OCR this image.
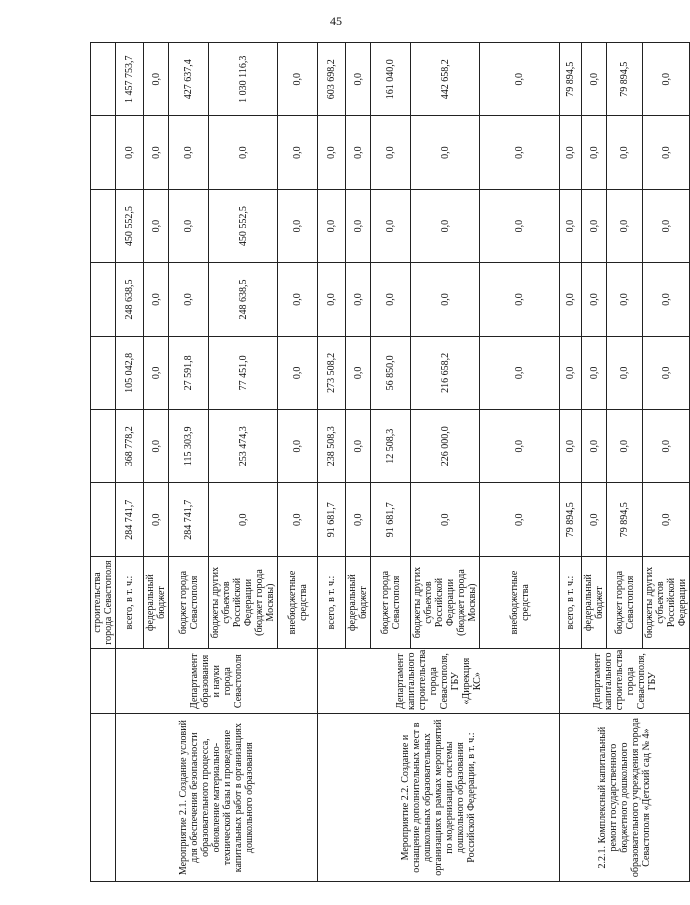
45
		строительства города Севастополя							
Мероприятие 2.1. Создание условий для обеспечения безопасности образовательного процесса, обновление материально-технической базы и проведение капитальных работ в организациях дошкольного образования	Департамент образования и науки города Севастополя	всего, в т. ч.:	284 741,7	368 778,2	105 042,8	248 638,5	450 552,5	0,0	1 457 753,7
		федеральный бюджет	0,0	0,0	0,0	0,0	0,0	0,0	0,0
		бюджет города Севастополя	284 741,7	115 303,9	27 591,8	0,0	0,0	0,0	427 637,4
		бюджеты других субъектов Российской Федерации (бюджет города Москвы)	0,0	253 474,3	77 451,0	248 638,5	450 552,5	0,0	1 030 116,3
		внебюджетные средства	0,0	0,0	0,0	0,0	0,0	0,0	0,0
Мероприятие 2.2. Создание и оснащение дополнительных мест в дошкольных образовательных организациях в рамках мероприятий по модернизации системы дошкольного образования Российской Федерации, в т. ч.:	Департамент капитального строительства города Севастополя, ГБУ «Дирекция КС»	всего, в т. ч.:	91 681,7	238 508,3	273 508,2	0,0	0,0	0,0	603 698,2
		федеральный бюджет	0,0	0,0	0,0	0,0	0,0	0,0	0,0
		бюджет города Севастополя	91 681,7	12 508,3	56 850,0	0,0	0,0	0,0	161 040,0
		бюджеты других субъектов Российской Федерации (бюджет города Москвы)	0,0	226 000,0	216 658,2	0,0	0,0	0,0	442 658,2
		внебюджетные средства	0,0	0,0	0,0	0,0	0,0	0,0	0,0
2.2.1. Комплексный капитальный ремонт государственного бюджетного дошкольного образовательного учреждения города Севастополя «Детский сад № 4»	Департамент капитального строительства города Севастополя, ГБУ	всего, в т. ч.:	79 894,5	0,0	0,0	0,0	0,0	0,0	79 894,5
		федеральный бюджет	0,0	0,0	0,0	0,0	0,0	0,0	0,0
		бюджет города Севастополя	79 894,5	0,0	0,0	0,0	0,0	0,0	79 894,5
		бюджеты других субъектов Российской Федерации	0,0	0,0	0,0	0,0	0,0	0,0	0,0
